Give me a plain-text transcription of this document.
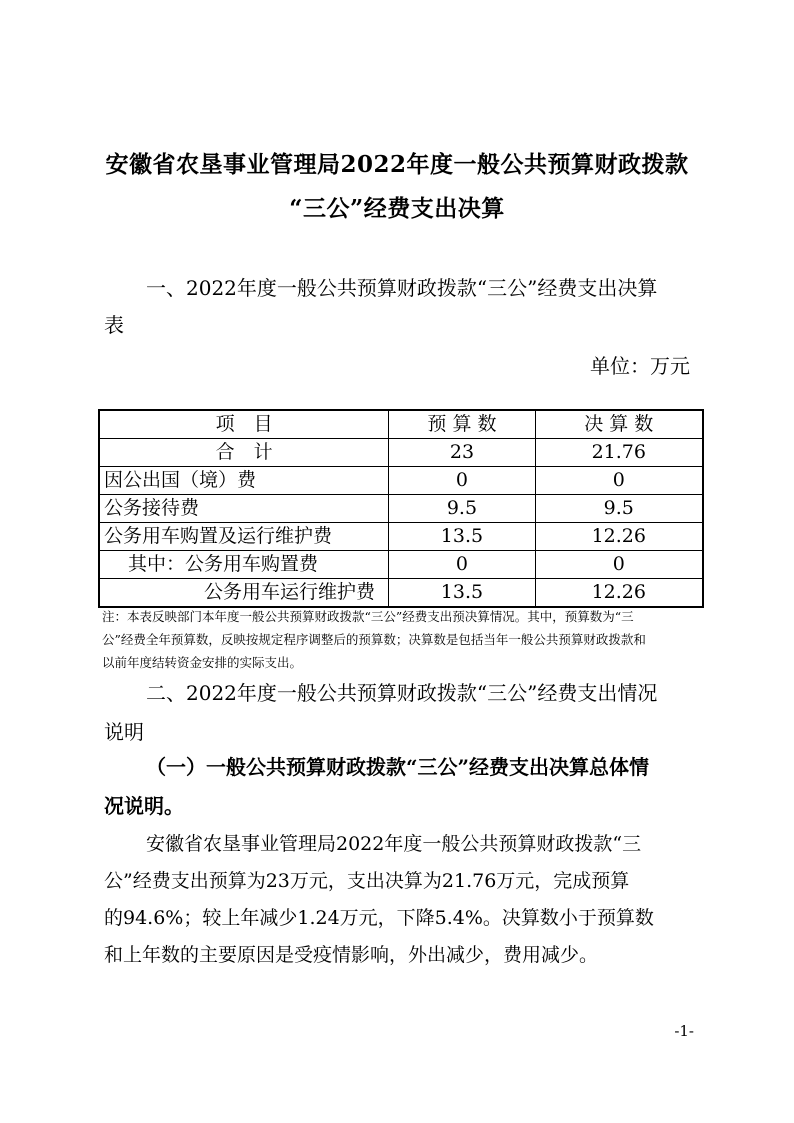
安徽省农垦事业管理局2022年度一般公共预算财政拨款
“三公”经费支出决算
一、2022年度一般公共预算财政拨款“三公”经费支出决算
表
单位：万元
项　目	预 算 数	决 算 数
合　计	23	21.76
因公出国（境）费	0	0
公务接待费	9.5	9.5
公务用车购置及运行维护费	13.5	12.26
其中：公务用车购置费	0	0
公务用车运行维护费	13.5	12.26
注：本表反映部门本年度一般公共预算财政拨款“三公”经费支出预决算情况。其中，预算数为“三
公”经费全年预算数，反映按规定程序调整后的预算数；决算数是包括当年一般公共预算财政拨款和
以前年度结转资金安排的实际支出。
二、2022年度一般公共预算财政拨款“三公”经费支出情况
说明
（一）一般公共预算财政拨款“三公”经费支出决算总体情
况说明。
安徽省农垦事业管理局2022年度一般公共预算财政拨款“三
公”经费支出预算为23万元，支出决算为21.76万元，完成预算
的94.6%；较上年减少1.24万元，下降5.4%。决算数小于预算数
和上年数的主要原因是受疫情影响，外出减少，费用减少。
-1-
